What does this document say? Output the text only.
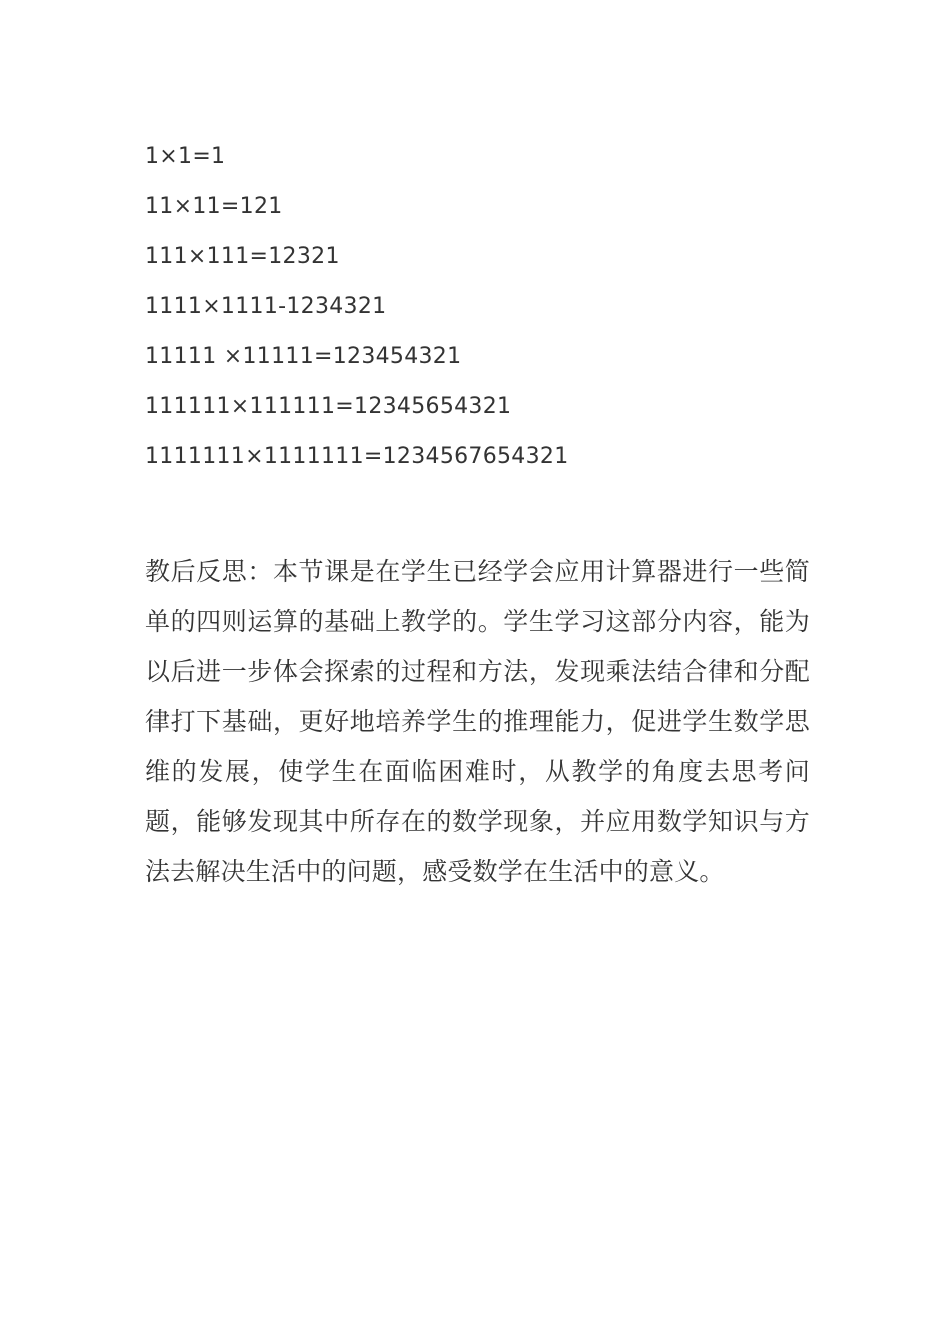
1×1=1
11×11=121
111×111=12321
1111×1111-1234321
11111 ×11111=123454321
111111×111111=12345654321
1111111×1111111=1234567654321

教后反思：本节课是在学生已经学会应用计算器进行一些简单的四则运算的基础上教学的。学生学习这部分内容，能为以后进一步体会探索的过程和方法，发现乘法结合律和分配律打下基础，更好地培养学生的推理能力，促进学生数学思维的发展，使学生在面临困难时，从教学的角度去思考问题，能够发现其中所存在的数学现象，并应用数学知识与方法去解决生活中的问题，感受数学在生活中的意义。
